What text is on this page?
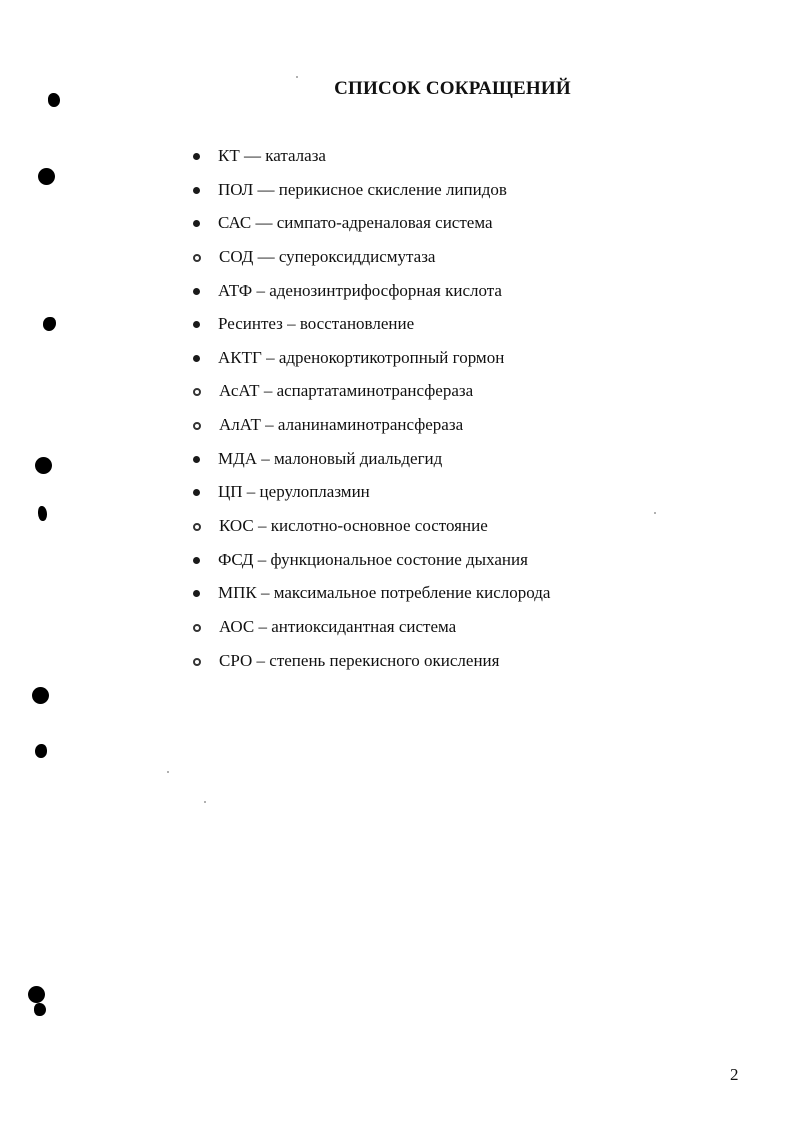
СПИСОК СОКРАЩЕНИЙ
КТ — каталаза
ПОЛ — перикисное скисление липидов
САС — симпато-адреналовая система
СОД — супероксиддисмутаза
АТФ – аденозинтрифосфорная кислота
Ресинтез – восстановление
АКТГ – адренокортикотропный гормон
АсАТ – аспартатаминотрансфераза
АлАТ – аланинаминотрансфераза
МДА – малоновый диальдегид
ЦП – церулоплазмин
КОС – кислотно-основное состояние
ФСД – функциональное состоние дыхания
МПК – максимальное потребление кислорода
АОС – антиоксидантная система
СРО – степень перекисного окисления
2
